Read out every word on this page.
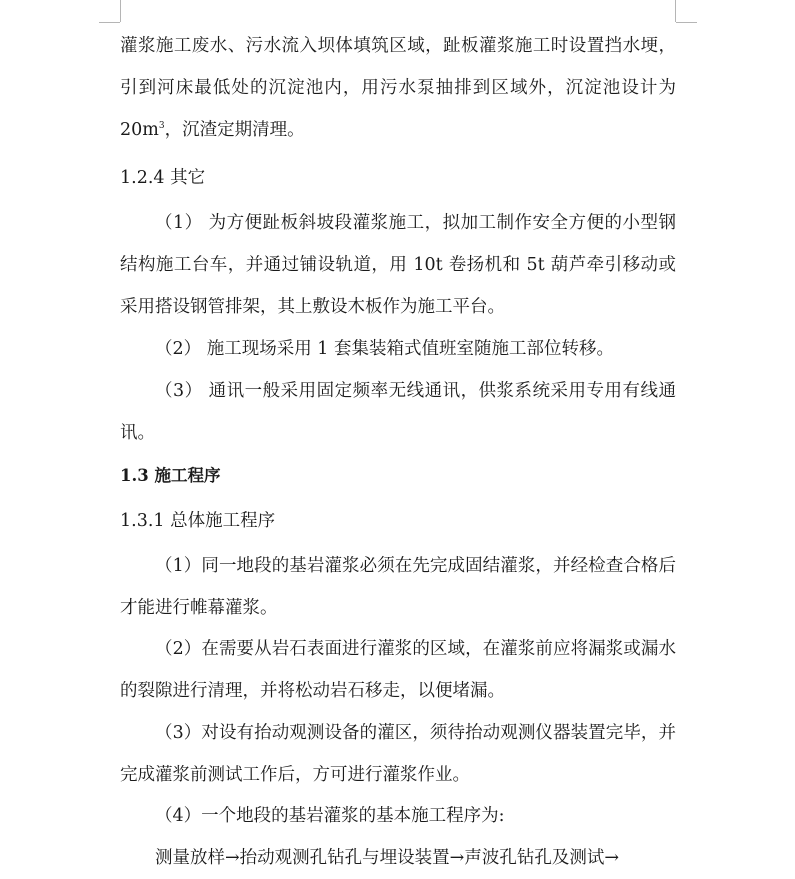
灌浆施工废水、污水流入坝体填筑区域，趾板灌浆施工时设置挡水埂，引到河床最低处的沉淀池内，用污水泵抽排到区域外，沉淀池设计为$20m^3$，沉渣定期清理。

1.2.4 其它

（1） 为方便趾板斜坡段灌浆施工，拟加工制作安全方便的小型钢结构施工台车，并通过铺设轨道，用 10t 卷扬机和 5t 葫芦牵引移动或采用搭设钢管排架，其上敷设木板作为施工平台。

（2） 施工现场采用 1 套集装箱式值班室随施工部位转移。

（3） 通讯一般采用固定频率无线通讯，供浆系统采用专用有线通讯。

1.3 施工程序

1.3.1 总体施工程序

（1）同一地段的基岩灌浆必须在先完成固结灌浆，并经检查合格后才能进行帷幕灌浆。

（2）在需要从岩石表面进行灌浆的区域，在灌浆前应将漏浆或漏水的裂隙进行清理，并将松动岩石移走，以便堵漏。

（3）对设有抬动观测设备的灌区，须待抬动观测仪器装置完毕，并完成灌浆前测试工作后，方可进行灌浆作业。

（4）一个地段的基岩灌浆的基本施工程序为:

测量放样→抬动观测孔钻孔与埋设装置→声波孔钻孔及测试→
